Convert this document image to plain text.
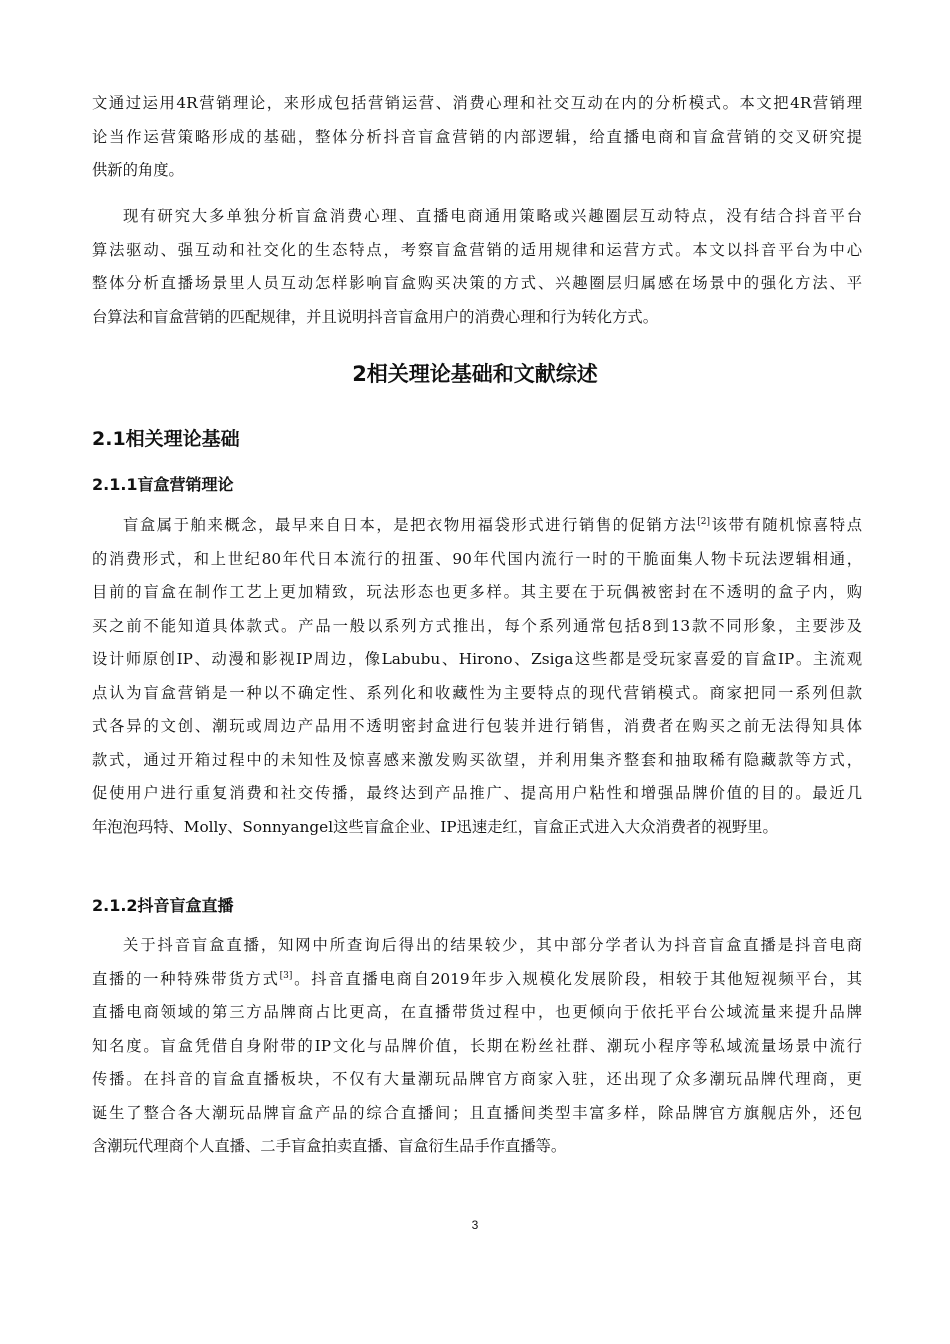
文通过运用4R营销理论，来形成包括营销运营、消费心理和社交互动在内的分析模式。本文把4R营销理
论当作运营策略形成的基础，整体分析抖音盲盒营销的内部逻辑，给直播电商和盲盒营销的交叉研究提
供新的角度。
现有研究大多单独分析盲盒消费心理、直播电商通用策略或兴趣圈层互动特点，没有结合抖音平台
算法驱动、强互动和社交化的生态特点，考察盲盒营销的适用规律和运营方式。本文以抖音平台为中心
整体分析直播场景里人员互动怎样影响盲盒购买决策的方式、兴趣圈层归属感在场景中的强化方法、平
台算法和盲盒营销的匹配规律，并且说明抖音盲盒用户的消费心理和行为转化方式。
2相关理论基础和文献综述
2.1相关理论基础
2.1.1盲盒营销理论
盲盒属于舶来概念，最早来自日本，是把衣物用福袋形式进行销售的促销方法[2]该带有随机惊喜特点
的消费形式，和上世纪80年代日本流行的扭蛋、90年代国内流行一时的干脆面集人物卡玩法逻辑相通，
目前的盲盒在制作工艺上更加精致，玩法形态也更多样。其主要在于玩偶被密封在不透明的盒子内，购
买之前不能知道具体款式。产品一般以系列方式推出，每个系列通常包括8到13款不同形象，主要涉及
设计师原创IP、动漫和影视IP周边，像Labubu、Hirono、Zsiga这些都是受玩家喜爱的盲盒IP。主流观
点认为盲盒营销是一种以不确定性、系列化和收藏性为主要特点的现代营销模式。商家把同一系列但款
式各异的文创、潮玩或周边产品用不透明密封盒进行包装并进行销售，消费者在购买之前无法得知具体
款式，通过开箱过程中的未知性及惊喜感来激发购买欲望，并利用集齐整套和抽取稀有隐藏款等方式，
促使用户进行重复消费和社交传播，最终达到产品推广、提高用户粘性和增强品牌价值的目的。最近几
年泡泡玛特、Molly、Sonnyangel这些盲盒企业、IP迅速走红，盲盒正式进入大众消费者的视野里。
2.1.2抖音盲盒直播
关于抖音盲盒直播，知网中所查询后得出的结果较少，其中部分学者认为抖音盲盒直播是抖音电商
直播的一种特殊带货方式[3]。抖音直播电商自2019年步入规模化发展阶段，相较于其他短视频平台，其
直播电商领域的第三方品牌商占比更高，在直播带货过程中，也更倾向于依托平台公域流量来提升品牌
知名度。盲盒凭借自身附带的IP文化与品牌价值，长期在粉丝社群、潮玩小程序等私域流量场景中流行
传播。在抖音的盲盒直播板块，不仅有大量潮玩品牌官方商家入驻，还出现了众多潮玩品牌代理商，更
诞生了整合各大潮玩品牌盲盒产品的综合直播间；且直播间类型丰富多样，除品牌官方旗舰店外，还包
含潮玩代理商个人直播、二手盲盒拍卖直播、盲盒衍生品手作直播等。
3
